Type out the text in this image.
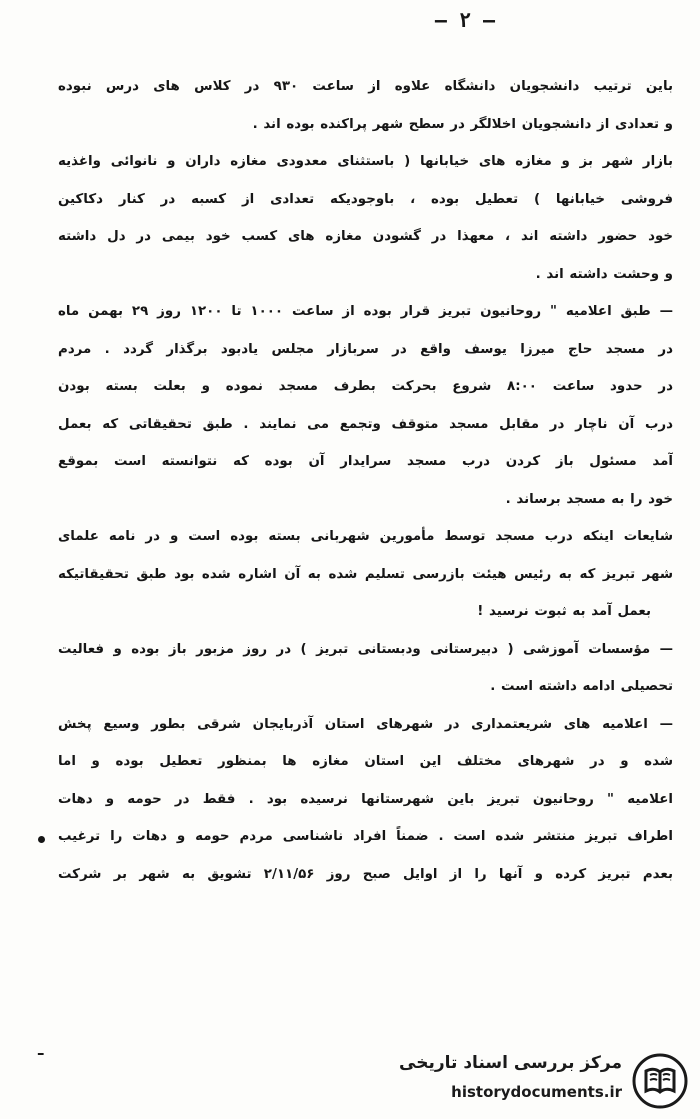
— ۲ —
باین ترتیب دانشجویان دانشگاه علاوه از ساعت ۹۳۰ در کلاس های درس نبوده
و تعدادی از دانشجویان اخلالگر در سطح شهر پراکنده بوده اند .
بازار شهر بز و مغازه های خیابانها ( باستثنای معدودی مغازه داران و نانوائی واغذیه
فروشی خیابانها ) تعطیل بوده ، باوجودیکه تعدادی از کسبه در کنار دکاکین
خود حضور داشته اند ، معهذا در گشودن مغازه های کسب خود بیمی در دل داشته
و وحشت داشته اند .
— طبق اعلامیه " روحانیون تبریز قرار بوده از ساعت ۱۰۰۰ تا ۱۲۰۰ روز ۲۹ بهمن ماه
در مسجد حاج میرزا یوسف واقع در سربازار مجلس یادبود برگذار گردد . مردم
در حدود ساعت ۸:۰۰ شروع بحرکت بطرف مسجد نموده و بعلت بسته بودن
درب آن ناچار در مقابل مسجد متوقف وتجمع می نمایند . طبق تحقیقاتی که بعمل
آمد مسئول باز کردن درب مسجد سرایدار آن بوده که نتوانسته است بموقع
خود را به مسجد برساند .
شایعات اینکه درب مسجد توسط مأمورین شهربانی بسته بوده است و در نامه علمای
شهر تبریز که به رئیس هیئت بازرسی تسلیم شده به آن اشاره شده بود طبق تحقیقاتیکه
بعمل آمد به ثبوت نرسید !
— مؤسسات آموزشی ( دبیرستانی ودبستانی تبریز ) در روز مزبور باز بوده و فعالیت
تحصیلی ادامه داشته است .
— اعلامیه های شریعتمداری در شهرهای استان آذربایجان شرقی بطور وسیع پخش
شده و در شهرهای مختلف این استان مغازه ها بمنظور تعطیل بوده و اما
اعلامیه " روحانیون تبریز باین شهرستانها نرسیده بود . فقط در حومه و دهات
اطراف تبریز منتشر شده است . ضمناً افراد ناشناسی مردم حومه و دهات را ترغیب
بعدم تبریز کرده و آنها را از اوایل صبح روز ۲/۱۱/۵۶ تشویق به شهر بر شرکت
ـ
مرکز بررسی اسناد تاریخی
historydocuments.ir
